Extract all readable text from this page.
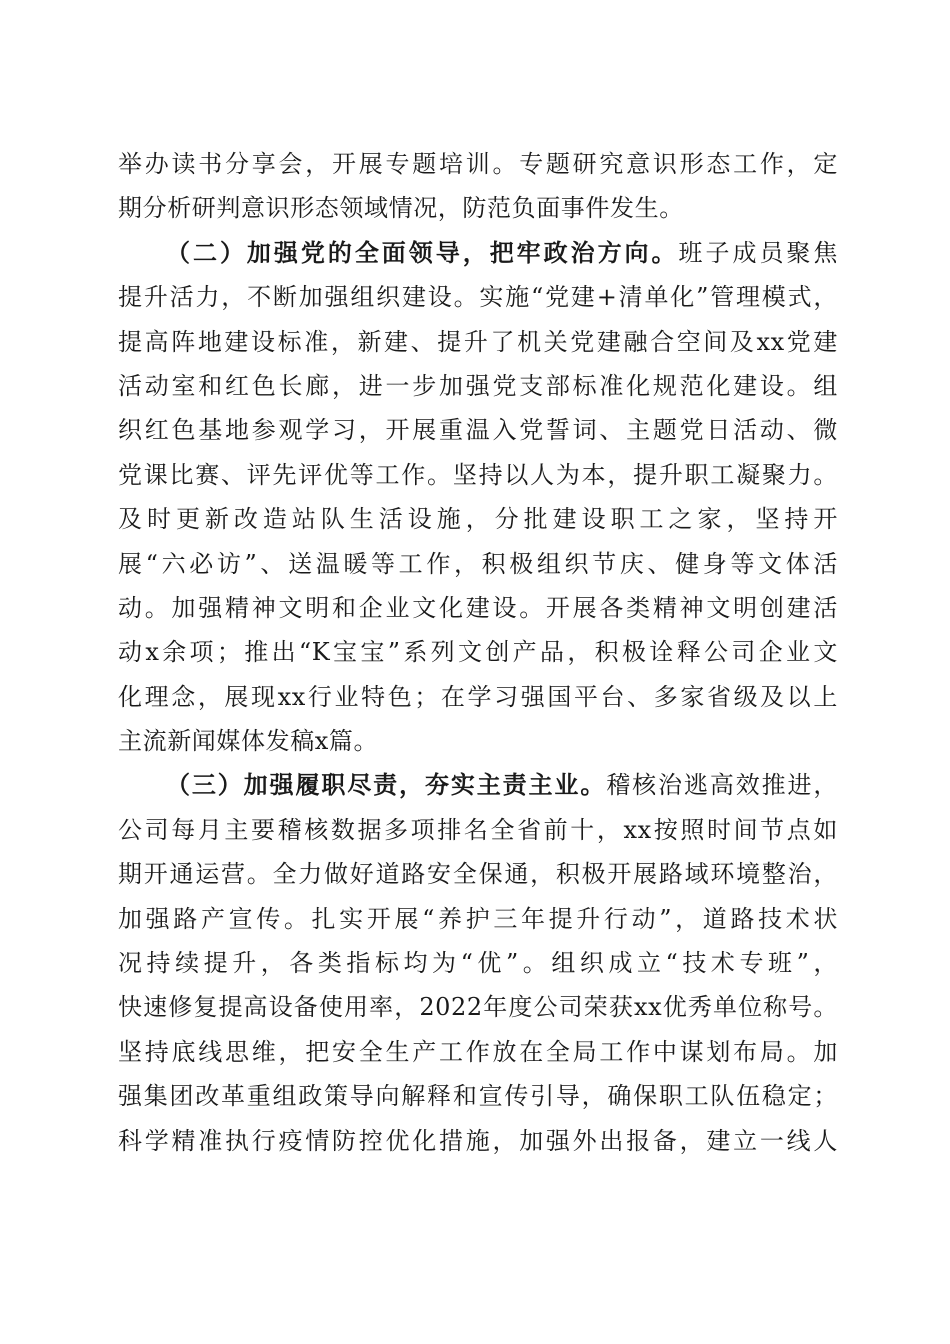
举办读书分享会，开展专题培训。专题研究意识形态工作，定
期分析研判意识形态领域情况，防范负面事件发生。
（二）加强党的全面领导，把牢政治方向。班子成员聚焦
提升活力，不断加强组织建设。实施“党建+清单化”管理模式，
提高阵地建设标准，新建、提升了机关党建融合空间及xx党建
活动室和红色长廊，进一步加强党支部标准化规范化建设。组
织红色基地参观学习，开展重温入党誓词、主题党日活动、微
党课比赛、评先评优等工作。坚持以人为本，提升职工凝聚力。
及时更新改造站队生活设施，分批建设职工之家，坚持开
展“六必访”、送温暖等工作，积极组织节庆、健身等文体活
动。加强精神文明和企业文化建设。开展各类精神文明创建活
动x余项；推出“K宝宝”系列文创产品，积极诠释公司企业文
化理念，展现xx行业特色；在学习强国平台、多家省级及以上
主流新闻媒体发稿x篇。
（三）加强履职尽责，夯实主责主业。稽核治逃高效推进，
公司每月主要稽核数据多项排名全省前十，xx按照时间节点如
期开通运营。全力做好道路安全保通，积极开展路域环境整治，
加强路产宣传。扎实开展“养护三年提升行动”，道路技术状
况持续提升，各类指标均为“优”。组织成立“技术专班”，
快速修复提高设备使用率，2022年度公司荣获xx优秀单位称号。
坚持底线思维，把安全生产工作放在全局工作中谋划布局。加
强集团改革重组政策导向解释和宣传引导，确保职工队伍稳定；
科学精准执行疫情防控优化措施，加强外出报备，建立一线人
